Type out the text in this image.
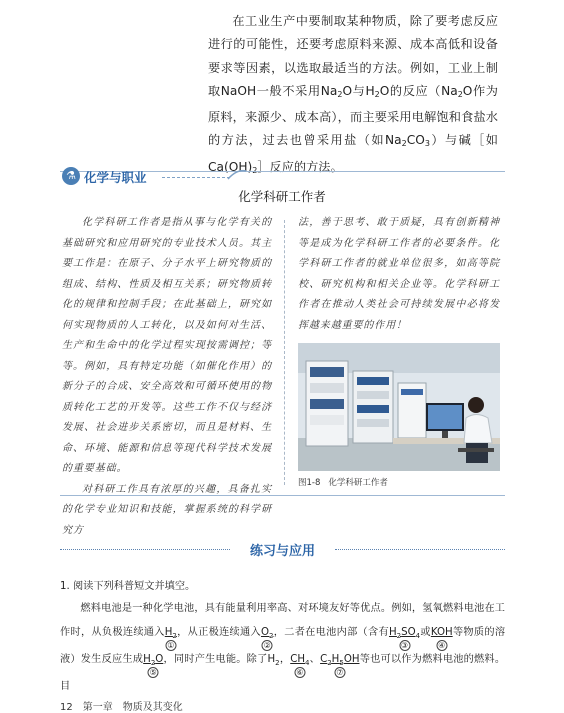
在工业生产中要制取某种物质，除了要考虑反应进行的可能性，还要考虑原料来源、成本高低和设备要求等因素，以选取最适当的方法。例如，工业上制取NaOH一般不采用$Na_2O$与$H_2O$的反应（$Na_2O$作为原料，来源少、成本高），而主要采用电解饱和食盐水的方法，过去也曾采用盐（如$Na_2CO_3$）与碱［如$Ca(OH)_2]$反应的方法。

⚗ 化学与职业
化学科研工作者

化学科研工作者是指从事与化学有关的基础研究和应用研究的专业技术人员。其主要工作是：在原子、分子水平上研究物质的组成、结构、性质及相互关系；研究物质转化的规律和控制手段；在此基础上，研究如何实现物质的人工转化，以及如何对生活、生产和生命中的化学过程实现按需调控；等等。例如，具有特定功能（如催化作用）的新分子的合成、安全高效和可循环使用的物质转化工艺的开发等。这些工作不仅与经济发展、社会进步关系密切，而且是材料、生命、环境、能源和信息等现代科学技术发展的重要基础。

对科研工作具有浓厚的兴趣，具备扎实的化学专业知识和技能，掌握系统的科学研究方

法，善于思考、敢于质疑，具有创新精神等是成为化学科研工作者的必要条件。化学科研工作者的就业单位很多，如高等院校、研究机构和相关企业等。化学科研工作者在推动人类社会可持续发展中必将发挥越来越重要的作用！

图1-8 化学科研工作者
练习与应用

1. 阅读下列科普短文并填空。

燃料电池是一种化学电池，具有能量利用率高、对环境友好等优点。例如，氢氧燃料电池在工作时，从负极连续通入$H_2$
①
，从正极连续通入$O_2$
②
，二者在电池内部（含有$H_2SO_4$
③
或KOH
④
等物质的溶液）发生反应生成$H_2O$
⑤
，同时产生电能。除了$H_2$，$CH_4$
⑥
、$C_2H_5OH$
⑦
等也可以作为燃料电池的燃料。目

12 第一章　物质及其变化
